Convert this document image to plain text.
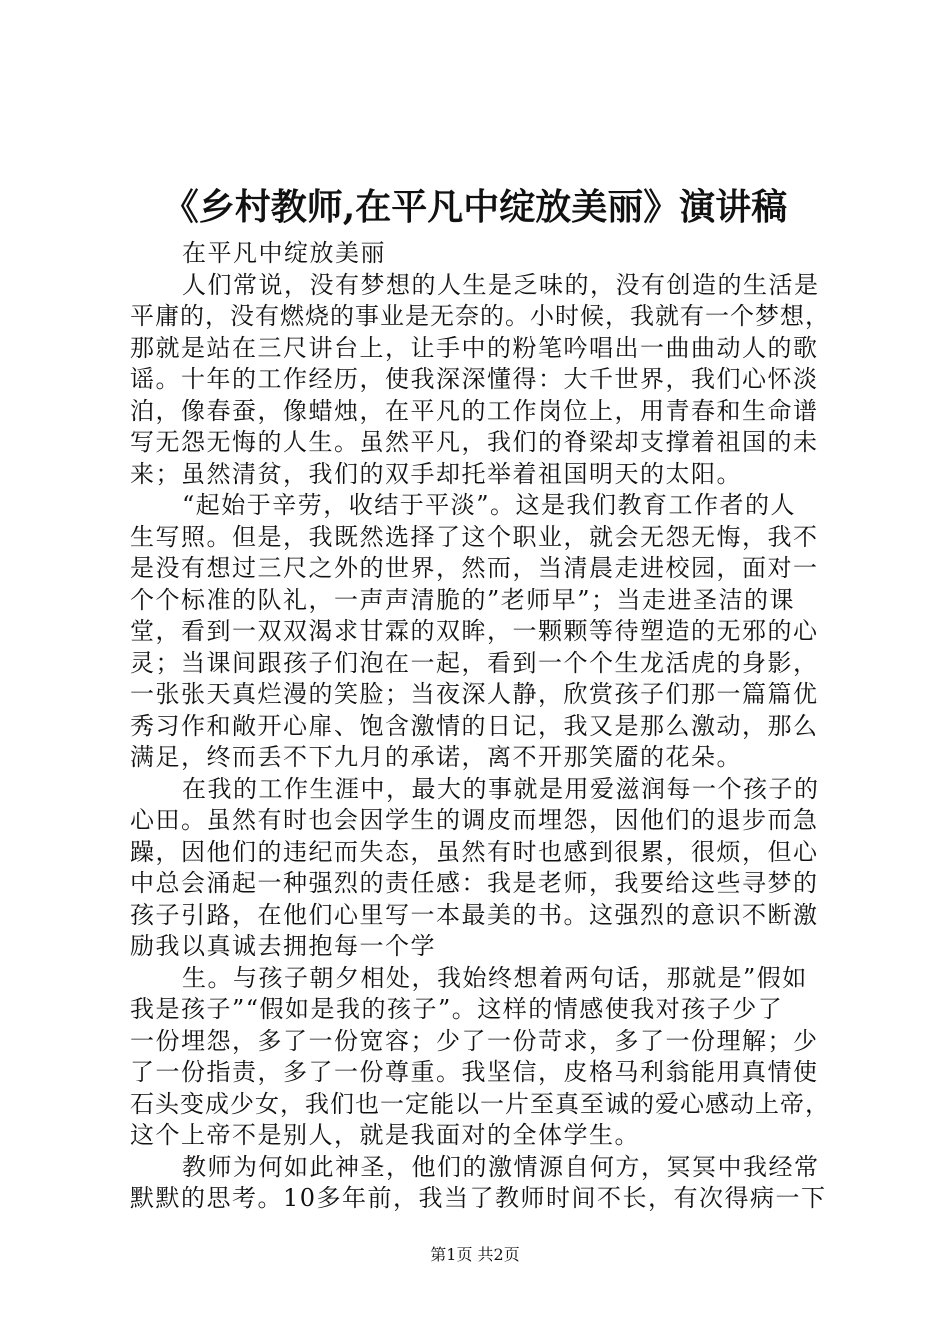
《乡村教师,在平凡中绽放美丽》演讲稿
在平凡中绽放美丽
人们常说，没有梦想的人生是乏味的，没有创造的生活是
平庸的，没有燃烧的事业是无奈的。小时候，我就有一个梦想，
那就是站在三尺讲台上，让手中的粉笔吟唱出一曲曲动人的歌
谣。十年的工作经历，使我深深懂得：大千世界，我们心怀淡
泊，像春蚕，像蜡烛，在平凡的工作岗位上，用青春和生命谱
写无怨无悔的人生。虽然平凡，我们的脊梁却支撑着祖国的未
来；虽然清贫，我们的双手却托举着祖国明天的太阳。
“起始于辛劳，收结于平淡”。这是我们教育工作者的人
生写照。但是，我既然选择了这个职业，就会无怨无悔，我不
是没有想过三尺之外的世界，然而，当清晨走进校园，面对一
个个标准的队礼，一声声清脆的”老师早”；当走进圣洁的课
堂，看到一双双渴求甘霖的双眸，一颗颗等待塑造的无邪的心
灵；当课间跟孩子们泡在一起，看到一个个生龙活虎的身影，
一张张天真烂漫的笑脸；当夜深人静，欣赏孩子们那一篇篇优
秀习作和敞开心扉、饱含激情的日记，我又是那么激动，那么
满足，终而丢不下九月的承诺，离不开那笑靥的花朵。
在我的工作生涯中，最大的事就是用爱滋润每一个孩子的
心田。虽然有时也会因学生的调皮而埋怨，因他们的退步而急
躁，因他们的违纪而失态，虽然有时也感到很累，很烦，但心
中总会涌起一种强烈的责任感：我是老师，我要给这些寻梦的
孩子引路，在他们心里写一本最美的书。这强烈的意识不断激
励我以真诚去拥抱每一个学
生。与孩子朝夕相处，我始终想着两句话，那就是”假如
我是孩子”“假如是我的孩子”。这样的情感使我对孩子少了
一份埋怨，多了一份宽容；少了一份苛求，多了一份理解；少
了一份指责，多了一份尊重。我坚信，皮格马利翁能用真情使
石头变成少女，我们也一定能以一片至真至诚的爱心感动上帝，
这个上帝不是别人，就是我面对的全体学生。
教师为何如此神圣，他们的激情源自何方，冥冥中我经常
默默的思考。10多年前，我当了教师时间不长，有次得病一下
第1页 共2页
